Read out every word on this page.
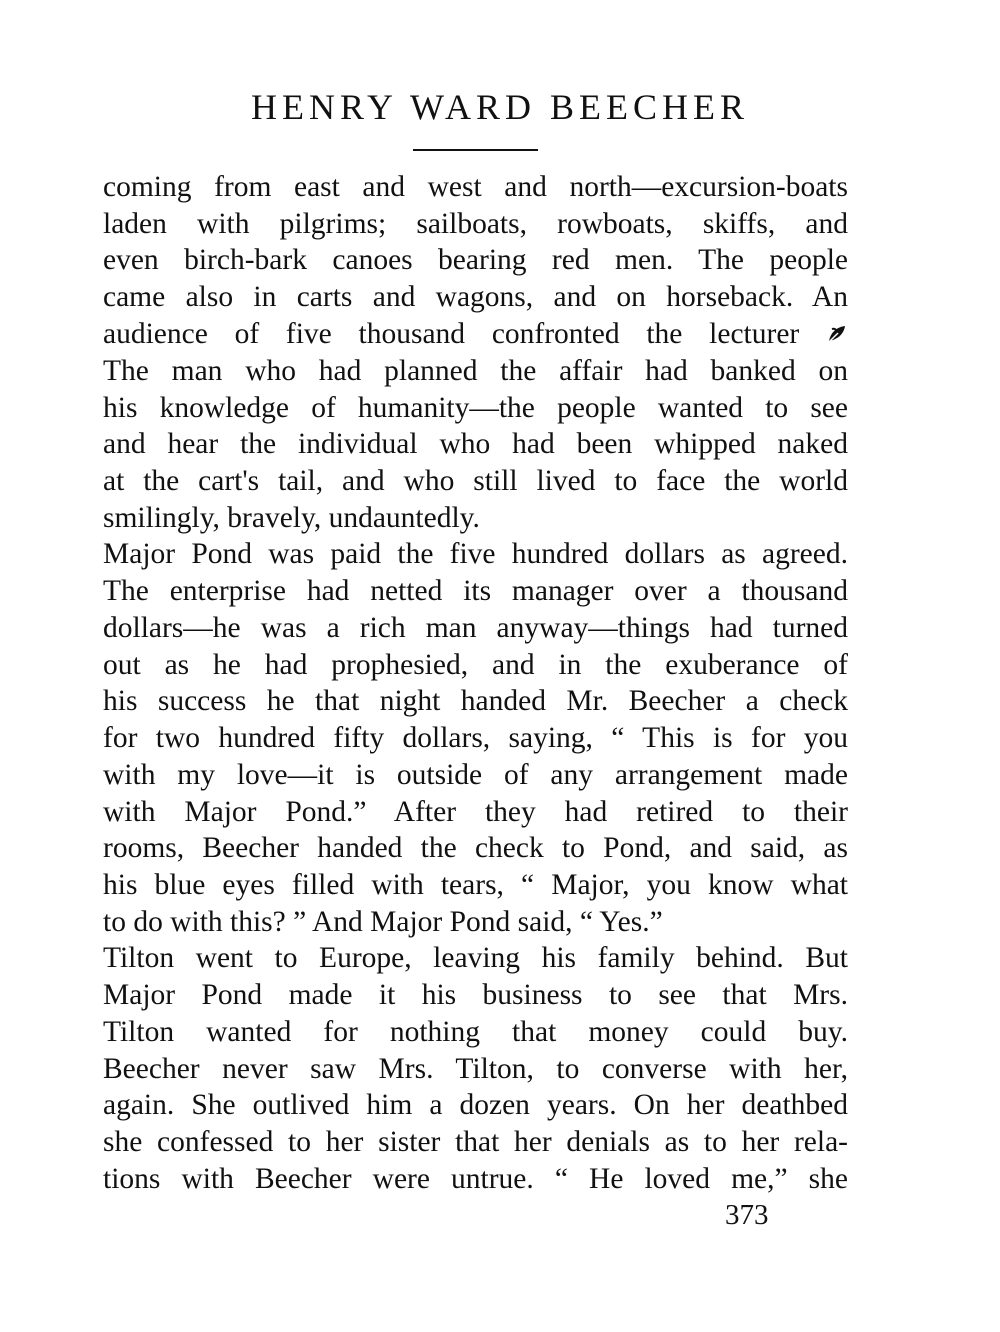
HENRY WARD BEECHER
coming from east and west and north—excursion-boats
laden with pilgrims; sailboats, rowboats, skiffs, and
even birch-bark canoes bearing red men. The people
came also in carts and wagons, and on horseback. An
audience of five thousand confronted the lecturer
The man who had planned the affair had banked on
his knowledge of humanity—the people wanted to see
and hear the individual who had been whipped naked
at the cart's tail, and who still lived to face the world
smilingly, bravely, undauntedly.
Major Pond was paid the five hundred dollars as agreed.
The enterprise had netted its manager over a thousand
dollars—he was a rich man anyway—things had turned
out as he had prophesied, and in the exuberance of
his success he that night handed Mr. Beecher a check
for two hundred fifty dollars, saying, “ This is for you
with my love—it is outside of any arrangement made
with Major Pond.” After they had retired to their
rooms, Beecher handed the check to Pond, and said, as
his blue eyes filled with tears, “ Major, you know what
to do with this? ” And Major Pond said, “ Yes.”
Tilton went to Europe, leaving his family behind. But
Major Pond made it his business to see that Mrs.
Tilton wanted for nothing that money could buy.
Beecher never saw Mrs. Tilton, to converse with her,
again. She outlived him a dozen years. On her deathbed
she confessed to her sister that her denials as to her rela-
tions with Beecher were untrue. “ He loved me,” she
373
